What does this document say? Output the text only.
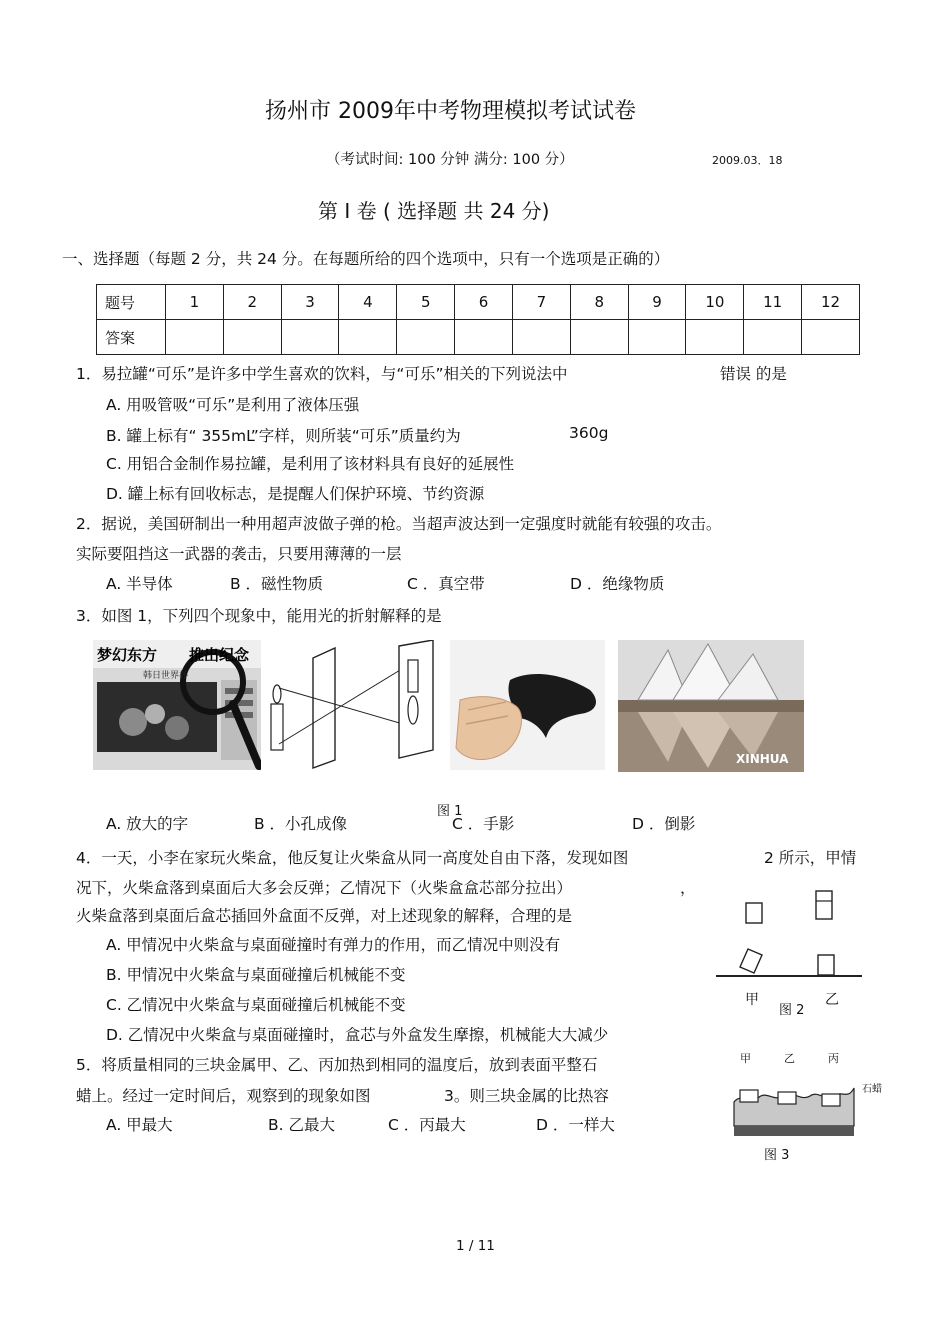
扬州市 2009年中考物理模拟考试试卷
（考试时间: 100 分钟 满分: 100 分）	2009.03．18
第 I 卷 ( 选择题 共 24 分)
一、选择题（每题 2 分，共 24 分。在每题所给的四个选项中，只有一个选项是正确的）
题号	1	2	3	4	5	6	7	8	9	10	11	12
答案												
1．易拉罐“可乐”是许多中学生喜欢的饮料，与“可乐”相关的下列说法中	错误 的是
A. 用吸管吸“可乐”是利用了液体压强
B. 罐上标有“ 355mL”字样，则所装“可乐”质量约为	360g
C. 用铝合金制作易拉罐，是利用了该材料具有良好的延展性
D. 罐上标有回收标志，是提醒人们保护环境、节约资源
2．据说，美国研制出一种用超声波做子弹的枪。当超声波达到一定强度时就能有较强的攻击。
实际要阻挡这一武器的袭击，只要用薄薄的一层
A. 半导体	B ．磁性物质	C ．真空带	D ．绝缘物质
3．如图 1，下列四个现象中，能用光的折射解释的是
梦幻东方 推出纪念
韩日世界杯
XINHUA
图 1
A. 放大的字	B ．小孔成像	C ．手影	D ．倒影
4．一天，小李在家玩火柴盒，他反复让火柴盒从同一高度处自由下落，发现如图	2 所示，甲情
况下，火柴盒落到桌面后大多会反弹；乙情况下（火柴盒盒芯部分拉出）	，
火柴盒落到桌面后盒芯插回外盒面不反弹，对上述现象的解释，合理的是
A. 甲情况中火柴盒与桌面碰撞时有弹力的作用，而乙情况中则没有
B. 甲情况中火柴盒与桌面碰撞后机械能不变
C. 乙情况中火柴盒与桌面碰撞后机械能不变
D. 乙情况中火柴盒与桌面碰撞时，盒芯与外盒发生摩擦，机械能大大减少
甲
图 2
乙
5．将质量相同的三块金属甲、乙、丙加热到相同的温度后，放到表面平整石
蜡上。经过一定时间后，观察到的现象如图	3。则三块金属的比热容
A. 甲最大	B. 乙最大	C ．丙最大	D ．一样大
甲	乙	丙
石蜡
图 3
1 / 11
